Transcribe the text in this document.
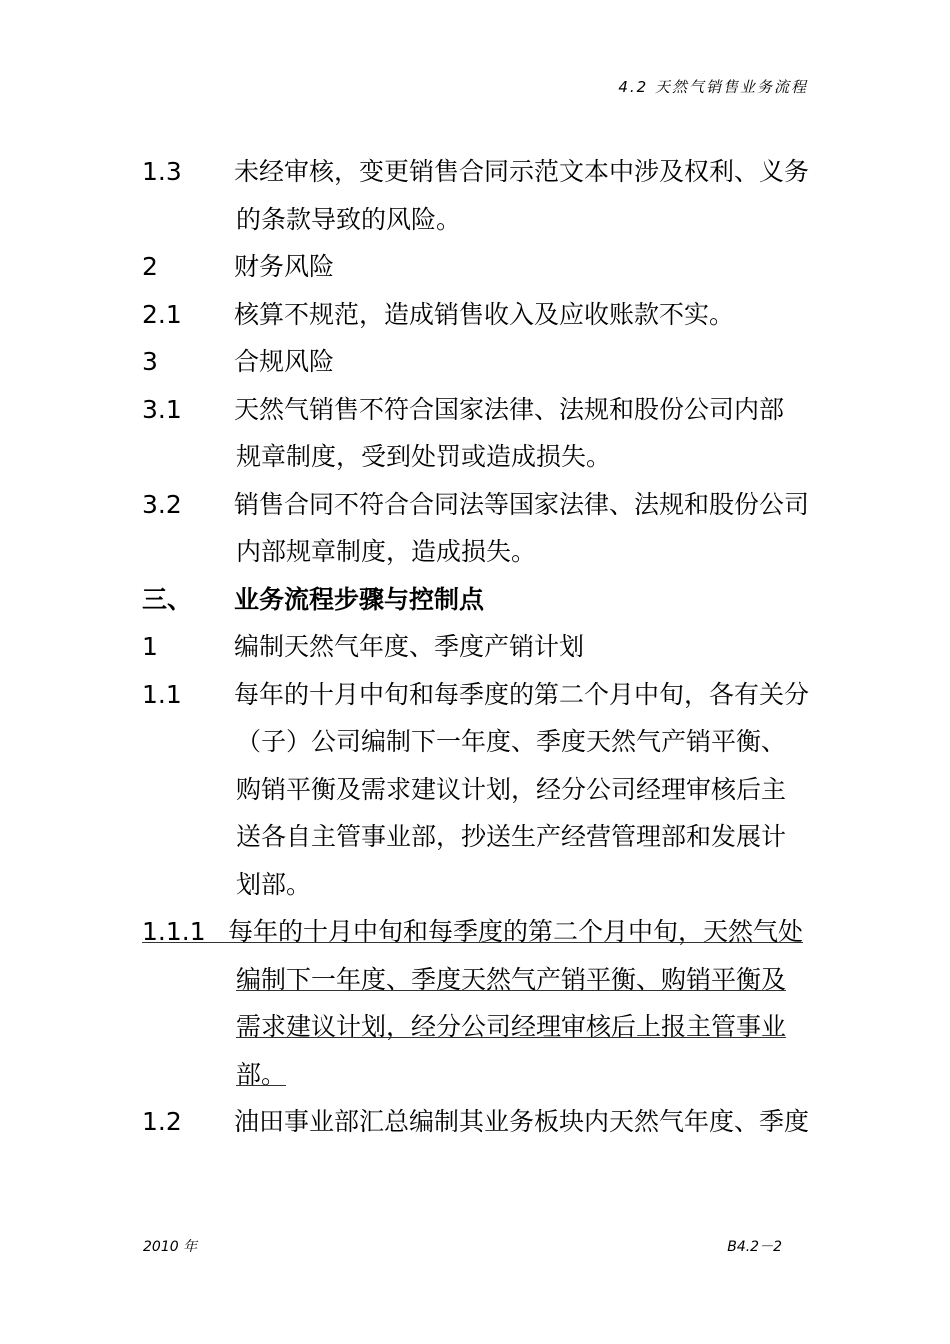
4.2 天然气销售业务流程
1.3	未经审核，变更销售合同示范文本中涉及权利、义务
的条款导致的风险。
2	财务风险
2.1	核算不规范，造成销售收入及应收账款不实。
3	合规风险
3.1	天然气销售不符合国家法律、法规和股份公司内部
规章制度，受到处罚或造成损失。
3.2	销售合同不符合合同法等国家法律、法规和股份公司
内部规章制度，造成损失。
三、	业务流程步骤与控制点
1	编制天然气年度、季度产销计划
1.1	每年的十月中旬和每季度的第二个月中旬，各有关分
（子）公司编制下一年度、季度天然气产销平衡、
购销平衡及需求建议计划，经分公司经理审核后主
送各自主管事业部，抄送生产经营管理部和发展计
划部。
1.1.1 每年的十月中旬和每季度的第二个月中旬，天然气处
编制下一年度、季度天然气产销平衡、购销平衡及
需求建议计划，经分公司经理审核后上报主管事业
部。
1.2	油田事业部汇总编制其业务板块内天然气年度、季度
2010 年	B4.2－2
